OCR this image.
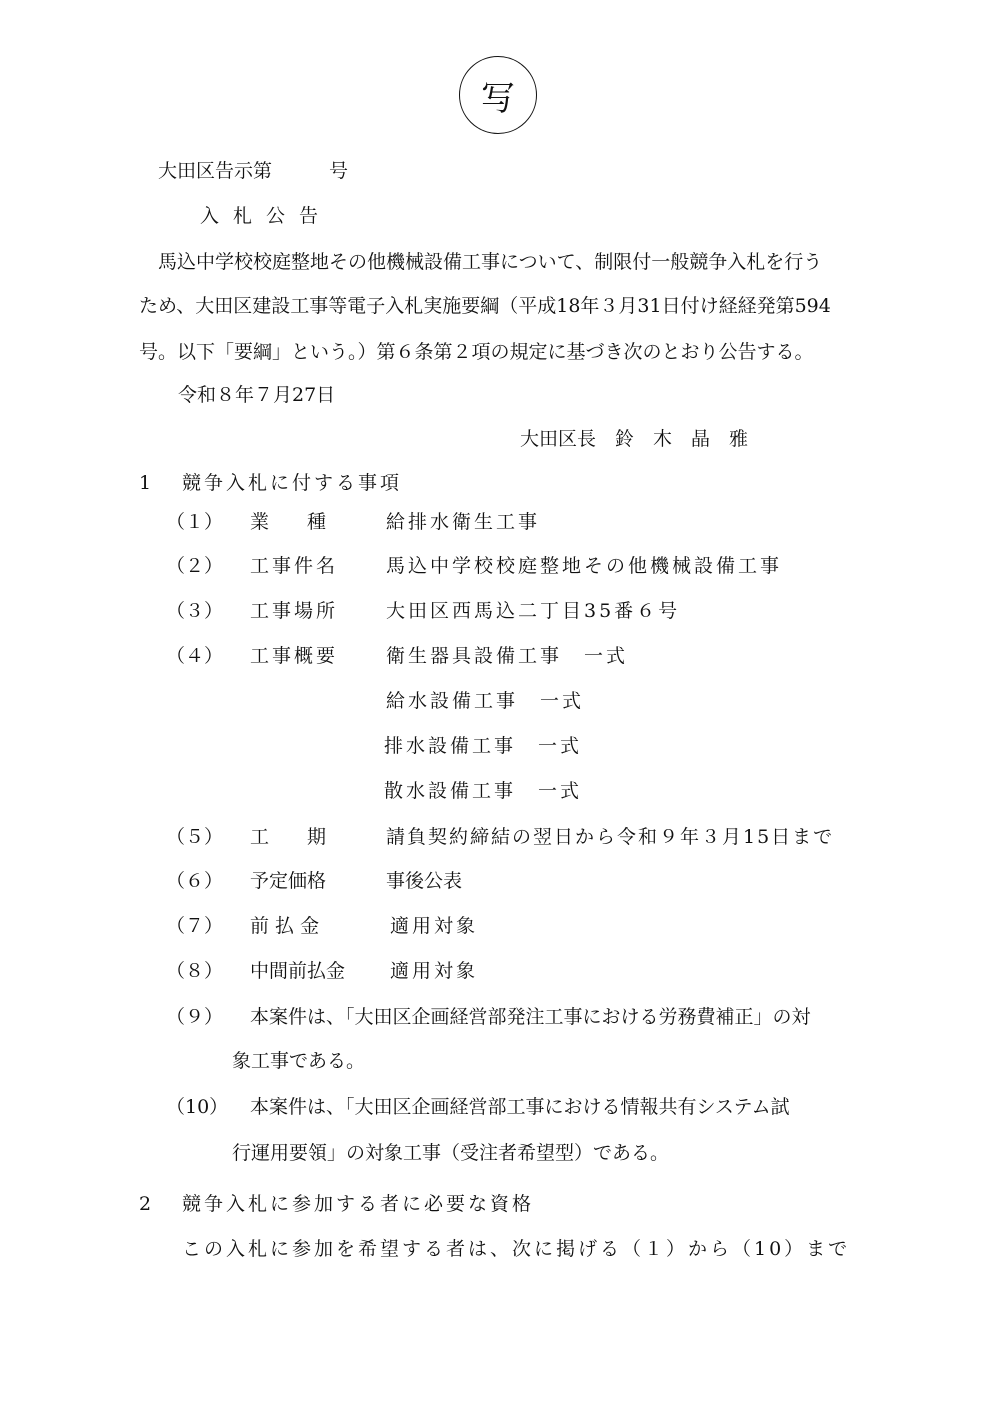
写
大田区告示第　　　号
入札公告
馬込中学校校庭整地その他機械設備工事について、制限付一般競争入札を行う
ため、大田区建設工事等電子入札実施要綱（平成18年３月31日付け経経発第594
号。以下「要綱」という。）第６条第２項の規定に基づき次のとおり公告する。
令和８年７月27日
大田区長　鈴　木　晶　雅
1 競争入札に付する事項
（１） 業　　種	給排水衛生工事
（２） 工事件名	馬込中学校校庭整地その他機械設備工事
（３） 工事場所	大田区西馬込二丁目35番６号
（４） 工事概要	衛生器具設備工事　一式
給水設備工事　一式
排水設備工事　一式
散水設備工事　一式
（５） 工　　期	請負契約締結の翌日から令和９年３月15日まで
（６） 予定価格	事後公表
（７） 前 払 金	適用対象
（８） 中間前払金 適用対象
（９） 本案件は、「大田区企画経営部発注工事における労務費補正」の対
象工事である。
（10） 本案件は、「大田区企画経営部工事における情報共有システム試
行運用要領」の対象工事（受注者希望型）である。
2 競争入札に参加する者に必要な資格
この入札に参加を希望する者は、次に掲げる（１）から（10）まで
